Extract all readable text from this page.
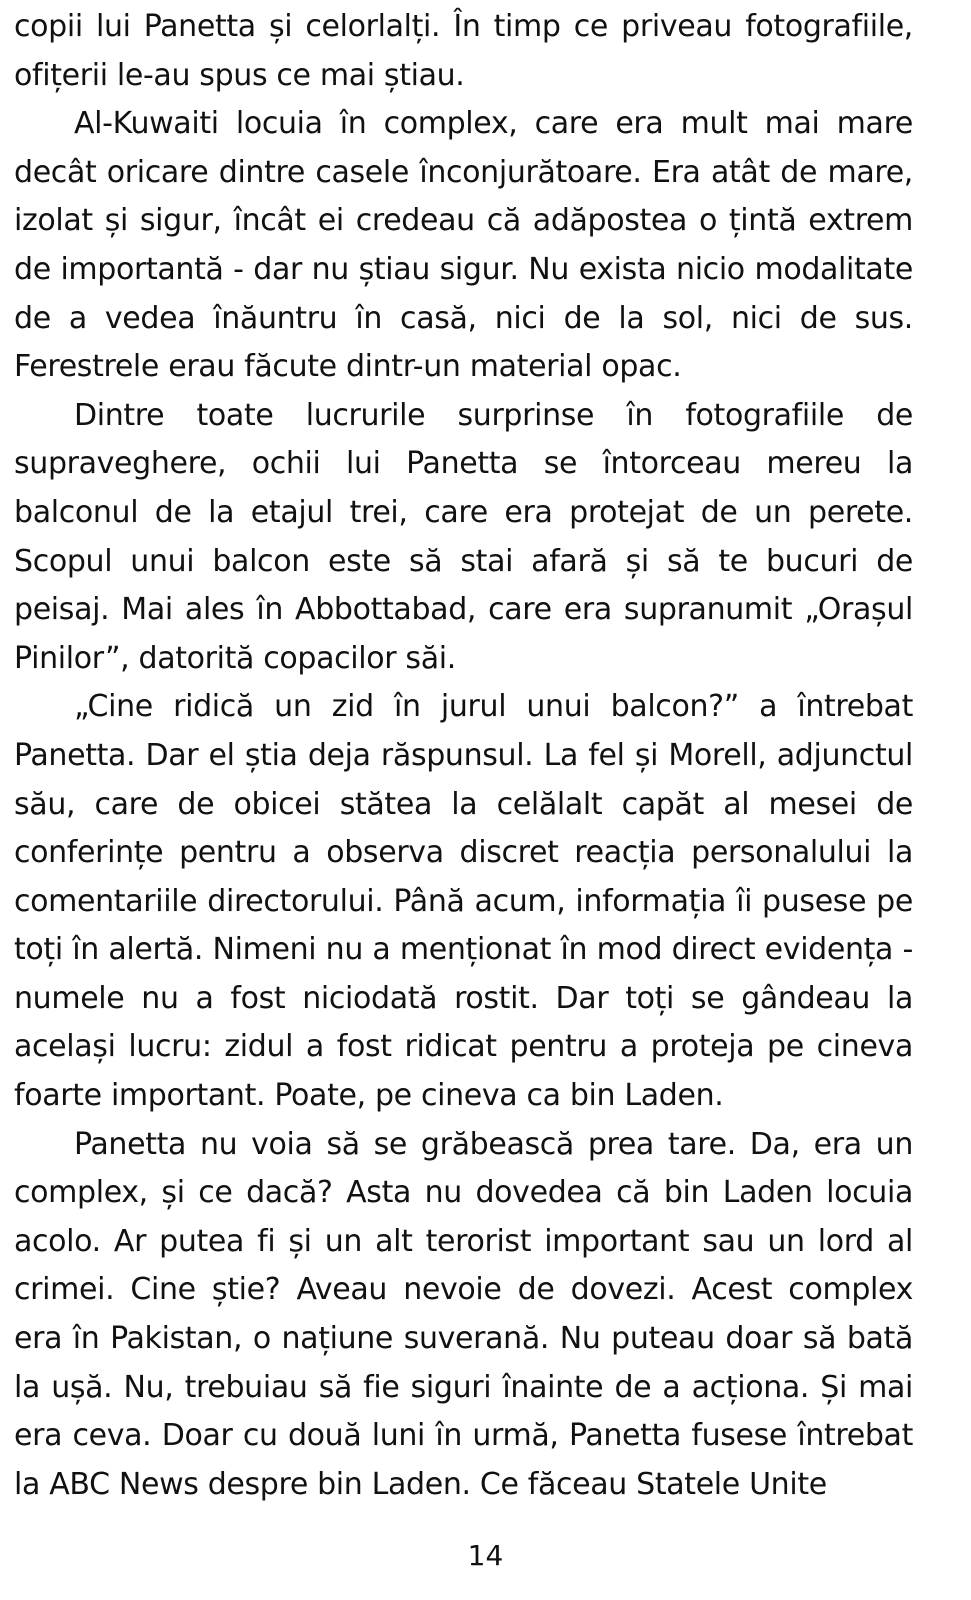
copii lui Panetta și celorlalți. În timp ce priveau fotografiile, ofițerii le-au spus ce mai știau.

Al-Kuwaiti locuia în complex, care era mult mai mare decât oricare dintre casele înconjurătoare. Era atât de mare, izolat și sigur, încât ei credeau că adăpostea o țintă extrem de importantă - dar nu știau sigur. Nu exista nicio modalitate de a vedea înăuntru în casă, nici de la sol, nici de sus. Ferestrele erau făcute dintr-un material opac.

Dintre toate lucrurile surprinse în fotografiile de supraveghere, ochii lui Panetta se întorceau mereu la balconul de la etajul trei, care era protejat de un perete. Scopul unui balcon este să stai afară și să te bucuri de peisaj. Mai ales în Abbottabad, care era supranumit „Orașul Pinilor”, datorită copacilor săi.

„Cine ridică un zid în jurul unui balcon?” a întrebat Panetta. Dar el știa deja răspunsul. La fel și Morell, adjunctul său, care de obicei stătea la celălalt capăt al mesei de conferințe pentru a observa discret reacția personalului la comentariile directorului. Până acum, informația îi pusese pe toți în alertă. Nimeni nu a menționat în mod direct evidența - numele nu a fost niciodată rostit. Dar toți se gândeau la același lucru: zidul a fost ridicat pentru a proteja pe cineva foarte important. Poate, pe cineva ca bin Laden.

Panetta nu voia să se grăbească prea tare. Da, era un complex, și ce dacă? Asta nu dovedea că bin Laden locuia acolo. Ar putea fi și un alt terorist important sau un lord al crimei. Cine știe? Aveau nevoie de dovezi. Acest complex era în Pakistan, o națiune suverană. Nu puteau doar să bată la ușă. Nu, trebuiau să fie siguri înainte de a acționa. Și mai era ceva. Doar cu două luni în urmă, Panetta fusese întrebat la ABC News despre bin Laden. Ce făceau Statele Unite

14
